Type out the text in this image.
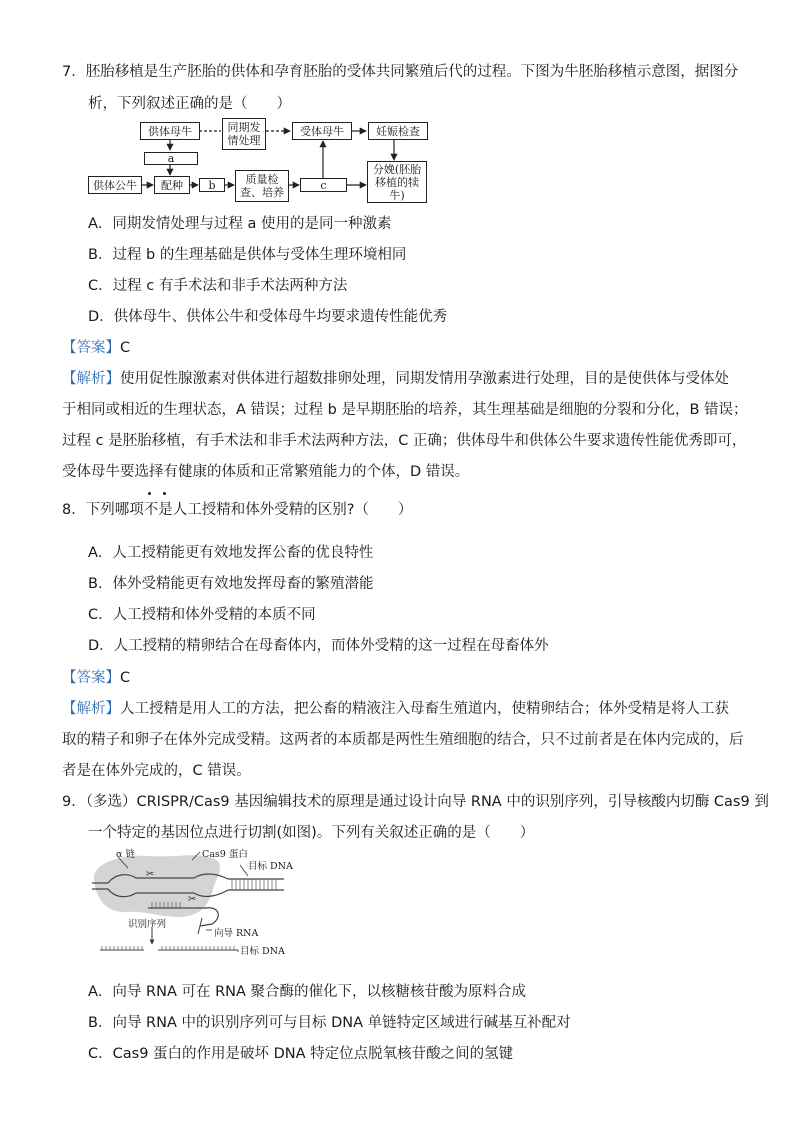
7．胚胎移植是生产胚胎的供体和孕育胚胎的受体共同繁殖后代的过程。下图为牛胚胎移植示意图，据图分
析，下列叙述正确的是（　　）
供体母牛	同期发情处理
受体母牛	妊娠检查
a
供体公牛	配种	b	质量检查、培养
c
分娩(胚胎移植的犊牛)
A．同期发情处理与过程 a 使用的是同一种激素
B．过程 b 的生理基础是供体与受体生理环境相同
C．过程 c 有手术法和非手术法两种方法
D．供体母牛、供体公牛和受体母牛均要求遗传性能优秀
【答案】C
【解析】使用促性腺激素对供体进行超数排卵处理，同期发情用孕激素进行处理，目的是使供体与受体处
于相同或相近的生理状态，A 错误；过程 b 是早期胚胎的培养，其生理基础是细胞的分裂和分化，B 错误；
过程 c 是胚胎移植，有手术法和非手术法两种方法，C 正确；供体母牛和供体公牛要求遗传性能优秀即可，
受体母牛要选择有健康的体质和正常繁殖能力的个体，D 错误。
8．下列哪项不是人工授精和体外受精的区别?（　　）
A．人工授精能更有效地发挥公畜的优良特性
B．体外受精能更有效地发挥母畜的繁殖潜能
C．人工授精和体外受精的本质不同
D．人工授精的精卵结合在母畜体内，而体外受精的这一过程在母畜体外
【答案】C
【解析】人工授精是用人工的方法，把公畜的精液注入母畜生殖道内，使精卵结合；体外受精是将人工获
取的精子和卵子在体外完成受精。这两者的本质都是两性生殖细胞的结合，只不过前者是在体内完成的，后
者是在体外完成的，C 错误。
9．（多选）CRISPR/Cas9 基因编辑技术的原理是通过设计向导 RNA 中的识别序列，引导核酸内切酶 Cas9 到
一个特定的基因位点进行切割(如图)。下列有关叙述正确的是（　　）
✂
✂
α 链	Cas9 蛋白
目标 DNA
识别序列
向导 RNA
目标 DNA
A．向导 RNA 可在 RNA 聚合酶的催化下，以核糖核苷酸为原料合成
B．向导 RNA 中的识别序列可与目标 DNA 单链特定区域进行碱基互补配对
C．Cas9 蛋白的作用是破坏 DNA 特定位点脱氧核苷酸之间的氢键
